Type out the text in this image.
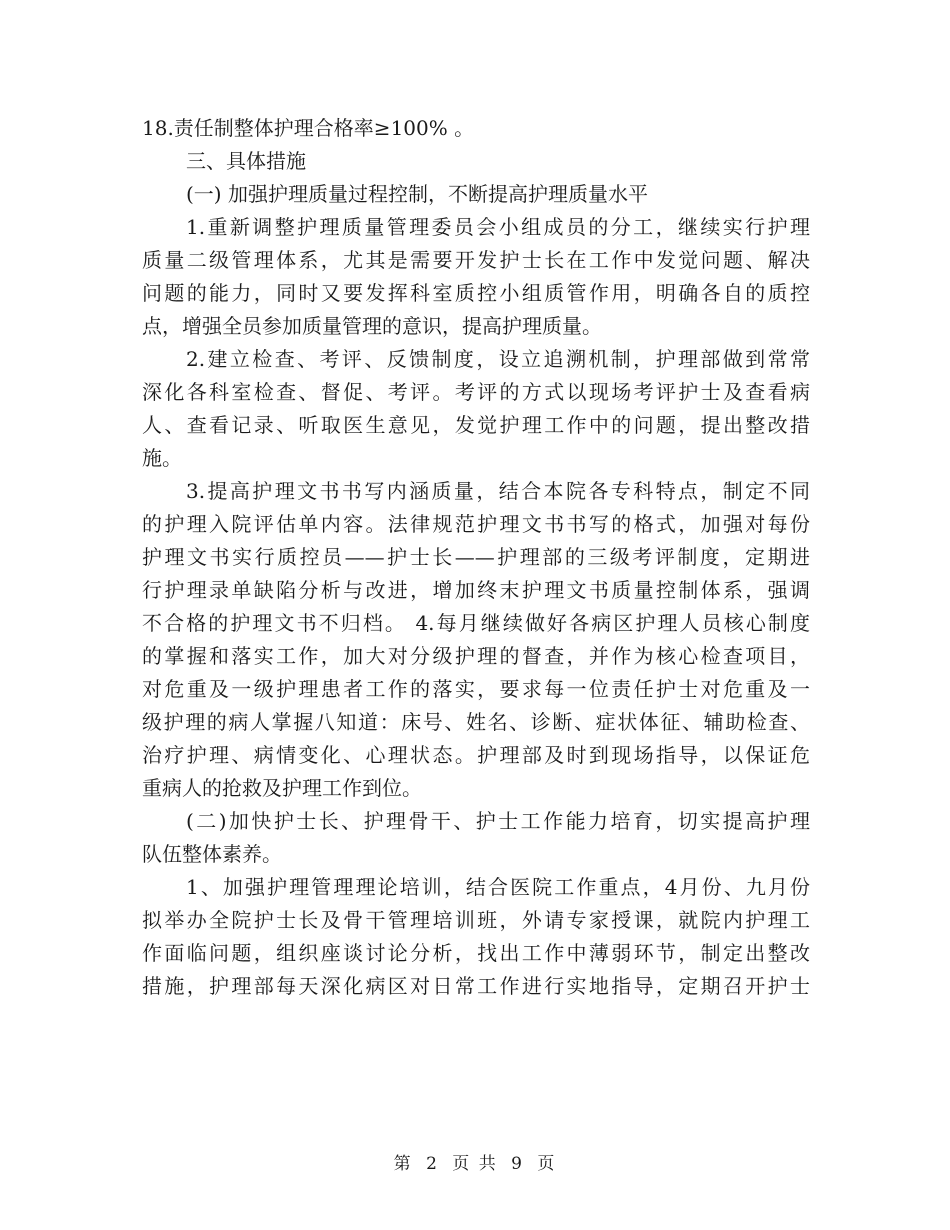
18.责任制整体护理合格率≥100% 。
三、具体措施
(一) 加强护理质量过程控制，不断提高护理质量水平
1.重新调整护理质量管理委员会小组成员的分工，继续实行护理
质量二级管理体系，尤其是需要开发护士长在工作中发觉问题、解决
问题的能力，同时又要发挥科室质控小组质管作用，明确各自的质控
点，增强全员参加质量管理的意识，提高护理质量。
2.建立检查、考评、反馈制度，设立追溯机制，护理部做到常常
深化各科室检查、督促、考评。考评的方式以现场考评护士及查看病
人、查看记录、听取医生意见，发觉护理工作中的问题，提出整改措
施。
3.提高护理文书书写内涵质量，结合本院各专科特点，制定不同
的护理入院评估单内容。法律规范护理文书书写的格式，加强对每份
护理文书实行质控员——护士长——护理部的三级考评制度，定期进
行护理录单缺陷分析与改进，增加终末护理文书质量控制体系，强调
不合格的护理文书不归档。 4.每月继续做好各病区护理人员核心制度
的掌握和落实工作，加大对分级护理的督查，并作为核心检查项目，
对危重及一级护理患者工作的落实，要求每一位责任护士对危重及一
级护理的病人掌握八知道：床号、姓名、诊断、症状体征、辅助检查、
治疗护理、病情变化、心理状态。护理部及时到现场指导，以保证危
重病人的抢救及护理工作到位。
(二)加快护士长、护理骨干、护士工作能力培育，切实提高护理
队伍整体素养。
1、加强护理管理理论培训，结合医院工作重点，4月份、九月份
拟举办全院护士长及骨干管理培训班，外请专家授课，就院内护理工
作面临问题，组织座谈讨论分析，找出工作中薄弱环节，制定出整改
措施，护理部每天深化病区对日常工作进行实地指导，定期召开护士
第 2 页 共 9 页
